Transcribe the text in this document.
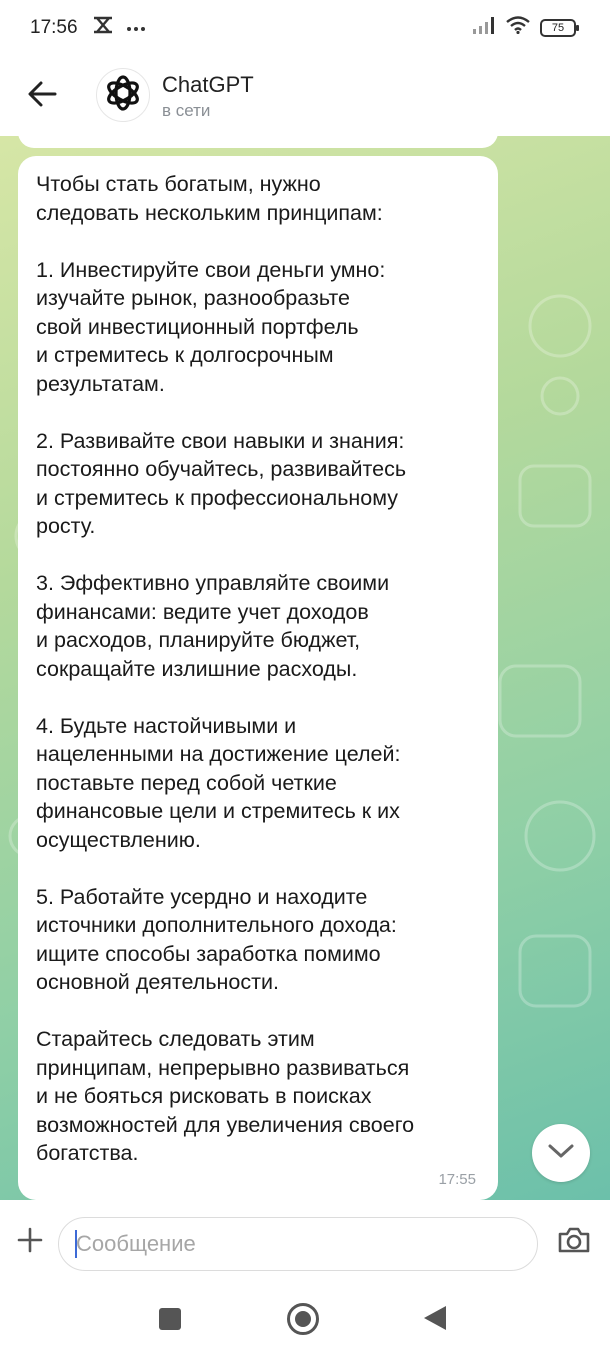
17:56	75
ChatGPT
в сети
Чтобы стать богатым, нужно
следовать нескольким принципам:

1. Инвестируйте свои деньги умно:
изучайте рынок, разнообразьте
свой инвестиционный портфель
и стремитесь к долгосрочным
результатам.

2. Развивайте свои навыки и знания:
постоянно обучайтесь, развивайтесь
и стремитесь к профессиональному
росту.

3. Эффективно управляйте своими
финансами: ведите учет доходов
и расходов, планируйте бюджет,
сокращайте излишние расходы.

4. Будьте настойчивыми и
нацеленными на достижение целей:
поставьте перед собой четкие
финансовые цели и стремитесь к их
осуществлению.

5. Работайте усердно и находите
источники дополнительного дохода:
ищите способы заработка помимо
основной деятельности.

Старайтесь следовать этим
принципам, непрерывно развиваться
и не бояться рисковать в поисках
возможностей для увеличения своего
богатства.
17:55
Сообщение
